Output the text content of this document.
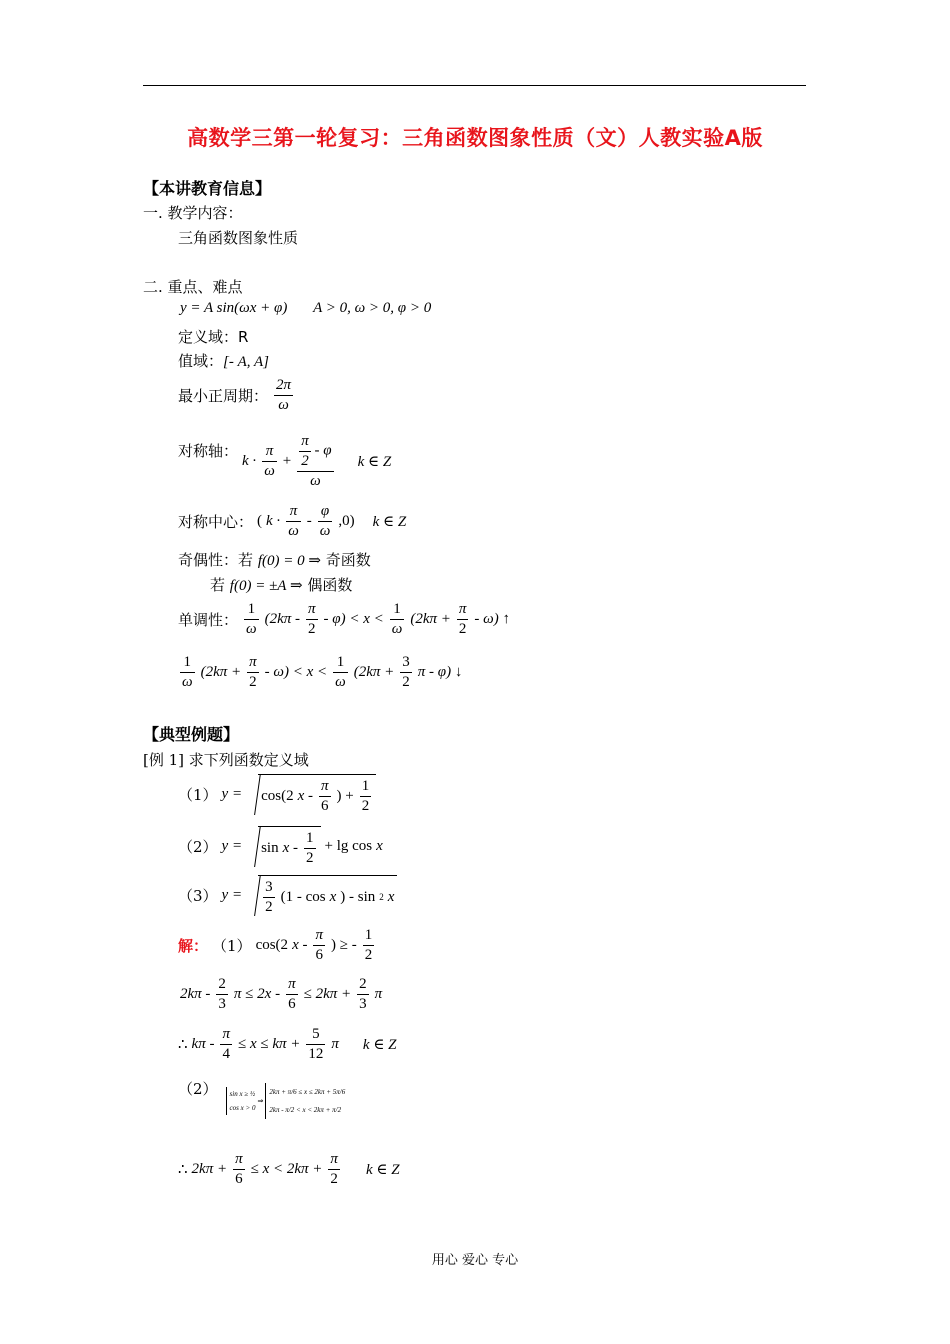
高数学三第一轮复习：三角函数图象性质（文）人教实验A版
【本讲教育信息】
一. 教学内容：
三角函数图象性质
二. 重点、难点
y = A sin(ωx + φ) A > 0, ω > 0, φ > 0
定义域：R
值域：[- A, A]
最小正周期： $\frac{2\pi}{\omega}$
对称轴：
$k \cdot \frac{\pi}{\omega} + \frac{\frac{\pi}{2} - \varphi}{\omega}$ k ∈ Z
对称中心： ( $k \cdot \frac{\pi}{\omega} - \frac{\varphi}{\omega} ,0$) k ∈ Z
奇偶性：若 f(0) = 0 ⇒ 奇函数
若 f(0) = ±A ⇒ 偶函数
单调性： $\frac{1}{\omega} (2k\pi - \frac{\pi}{2} - \varphi) < x < \frac{1}{\omega} (2k\pi + \frac{\pi}{2} - \omega)$ ↑
$\frac{1}{\omega} (2k\pi + \frac{\pi}{2} - \omega) < x < \frac{1}{\omega} (2k\pi + \frac{3}{2}$ π - φ) ↓
【典型例题】
[例 1] 求下列函数定义域
（1） y = cos(2 x - $\frac{\pi}{6}$ ) + $\frac{1}{2}$
（2） $y = \sin x - \frac{1}{2} + \lg \cos x$
（3） $y = \frac{3}{2} (1 - \cos x$ ) - sin 2 x
解： （1） cos(2 x - $\frac{\pi}{6}$ ) ≥ - $\frac{1}{2}$
$2k\pi - \frac{2}{3}$ $\pi \le 2x - \frac{\pi}{6} \le 2k\pi + \frac{2}{3}$ π
∴ $k\pi - \frac{\pi}{4} \le x \le k\pi + \frac{5}{12}$ π k ∈ Z
（2） sin x ≥ ½
cos x > 0
⇒
2kπ + π/6 ≤ x ≤ 2kπ + 5π/6
2kπ - π/2 < x < 2kπ + π/2
∴ $2k\pi + \frac{\pi}{6} \le x < 2k\pi + \frac{\pi}{2}$ k ∈ Z
用心 爱心 专心
